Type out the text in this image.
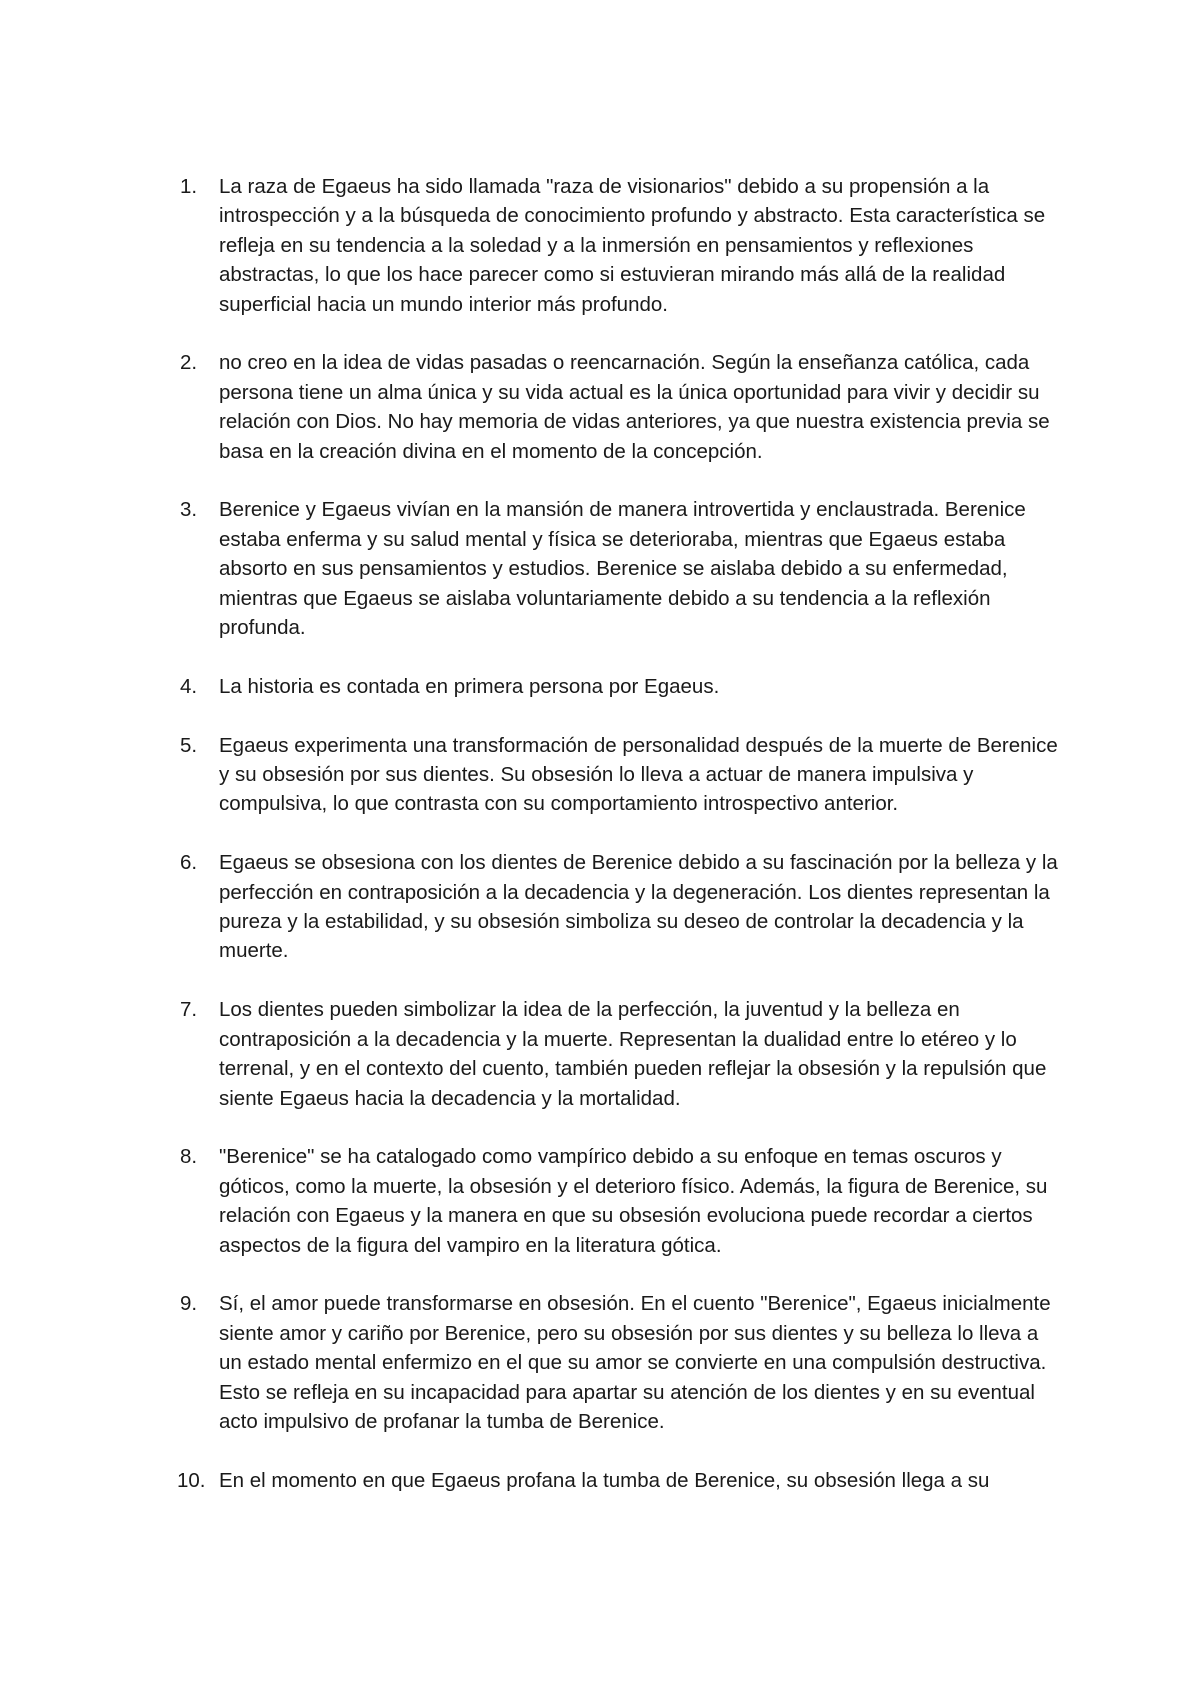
1.	La raza de Egaeus ha sido llamada "raza de visionarios" debido a su propensión a la introspección y a la búsqueda de conocimiento profundo y abstracto. Esta característica se refleja en su tendencia a la soledad y a la inmersión en pensamientos y reflexiones abstractas, lo que los hace parecer como si estuvieran mirando más allá de la realidad superficial hacia un mundo interior más profundo.
2.	no creo en la idea de vidas pasadas o reencarnación. Según la enseñanza católica, cada persona tiene un alma única y su vida actual es la única oportunidad para vivir y decidir su relación con Dios. No hay memoria de vidas anteriores, ya que nuestra existencia previa se basa en la creación divina en el momento de la concepción.
3.	Berenice y Egaeus vivían en la mansión de manera introvertida y enclaustrada. Berenice estaba enferma y su salud mental y física se deterioraba, mientras que Egaeus estaba absorto en sus pensamientos y estudios. Berenice se aislaba debido a su enfermedad, mientras que Egaeus se aislaba voluntariamente debido a su tendencia a la reflexión profunda.
4.	La historia es contada en primera persona por Egaeus.
5.	Egaeus experimenta una transformación de personalidad después de la muerte de Berenice y su obsesión por sus dientes. Su obsesión lo lleva a actuar de manera impulsiva y compulsiva, lo que contrasta con su comportamiento introspectivo anterior.
6.	Egaeus se obsesiona con los dientes de Berenice debido a su fascinación por la belleza y la perfección en contraposición a la decadencia y la degeneración. Los dientes representan la pureza y la estabilidad, y su obsesión simboliza su deseo de controlar la decadencia y la muerte.
7.	Los dientes pueden simbolizar la idea de la perfección, la juventud y la belleza en contraposición a la decadencia y la muerte. Representan la dualidad entre lo etéreo y lo terrenal, y en el contexto del cuento, también pueden reflejar la obsesión y la repulsión que siente Egaeus hacia la decadencia y la mortalidad.
8.	"Berenice" se ha catalogado como vampírico debido a su enfoque en temas oscuros y góticos, como la muerte, la obsesión y el deterioro físico. Además, la figura de Berenice, su relación con Egaeus y la manera en que su obsesión evoluciona puede recordar a ciertos aspectos de la figura del vampiro en la literatura gótica.
9.	Sí, el amor puede transformarse en obsesión. En el cuento "Berenice", Egaeus inicialmente siente amor y cariño por Berenice, pero su obsesión por sus dientes y su belleza lo lleva a un estado mental enfermizo en el que su amor se convierte en una compulsión destructiva. Esto se refleja en su incapacidad para apartar su atención de los dientes y en su eventual acto impulsivo de profanar la tumba de Berenice.
10. En el momento en que Egaeus profana la tumba de Berenice, su obsesión llega a su
